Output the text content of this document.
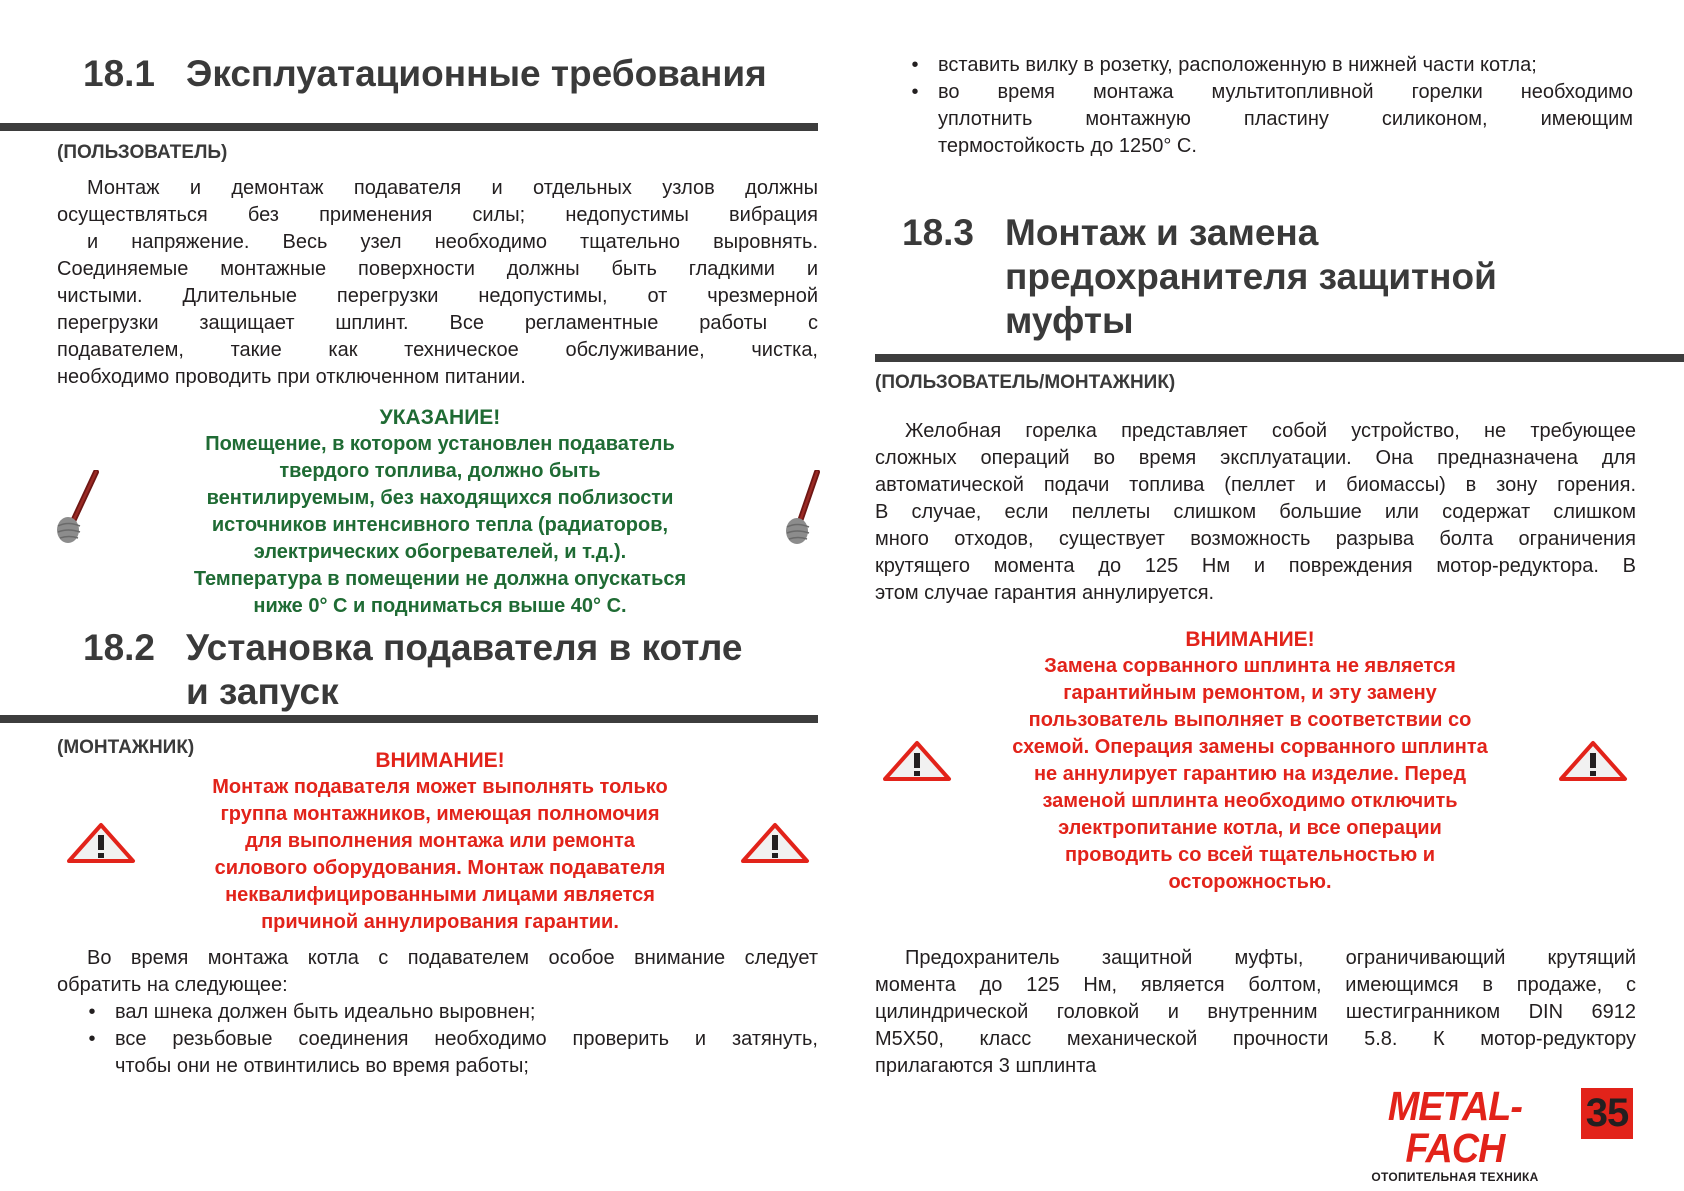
18.1 Эксплуатационные требования

(ПОЛЬЗОВАТЕЛЬ)

Монтаж и демонтаж подавателя и отдельных узлов должны
осуществляться без применения силы; недопустимы вибрация
и напряжение. Весь узел необходимо тщательно выровнять.
Соединяемые монтажные поверхности должны быть гладкими и
чистыми. Длительные перегрузки недопустимы, от чрезмерной
перегрузки защищает шплинт. Все регламентные работы с
подавателем, такие как техническое обслуживание, чистка,
необходимо проводить при отключенном питании.
УКАЗАНИЕ!
Помещение, в котором установлен подаватель
твердого топлива, должно быть
вентилируемым, без находящихся поблизости
источников интенсивного тепла (радиаторов,
электрических обогревателей, и т.д.).
Температура в помещении не должна опускаться
ниже 0° С и подниматься выше 40° С.
18.2 Установка подавателя в котле
и запуск

(МОНТАЖНИК)

ВНИМАНИЕ!
Монтаж подавателя может выполнять только
группа монтажников, имеющая полномочия
для выполнения монтажа или ремонта
силового оборудования. Монтаж подавателя
неквалифицированными лицами является
причиной аннулирования гарантии.
Во время монтажа котла с подавателем особое внимание следует
обратить на следующее:
• вал шнека должен быть идеально выровнен;
• все резьбовые соединения необходимо проверить и затянуть,
чтобы они не отвинтились во время работы;
• вставить вилку в розетку, расположенную в нижней части котла;
• во время монтажа мультитопливной горелки необходимо
уплотнить монтажную пластину силиконом, имеющим
термостойкость до 1250° С.
18.3 Монтаж и замена
предохранителя защитной
муфты

(ПОЛЬЗОВАТЕЛЬ/МОНТАЖНИК)

Желобная горелка представляет собой устройство, не требующее
сложных операций во время эксплуатации. Она предназначена для
автоматической подачи топлива (пеллет и биомассы) в зону горения.
В случае, если пеллеты слишком большие или содержат слишком
много отходов, существует возможность разрыва болта ограничения
крутящего момента до 125 Нм и повреждения мотор-редуктора. В
этом случае гарантия аннулируется.
ВНИМАНИЕ!
Замена сорванного шплинта не является
гарантийным ремонтом, и эту замену
пользователь выполняет в соответствии со
схемой. Операция замены сорванного шплинта
не аннулирует гарантию на изделие. Перед
заменой шплинта необходимо отключить
электропитание котла, и все операции
проводить со всей тщательностью и
осторожностью.
Предохранитель защитной муфты, ограничивающий крутящий
момента до 125 Нм, является болтом, имеющимся в продаже, с
цилиндрической головкой и внутренним шестигранником DIN 6912
M5X50, класс механической прочности 5.8. К мотор-редуктору
прилагаются 3 шплинта
METAL-FACH
ОТОПИТЕЛЬНАЯ ТЕХНИКА
35
